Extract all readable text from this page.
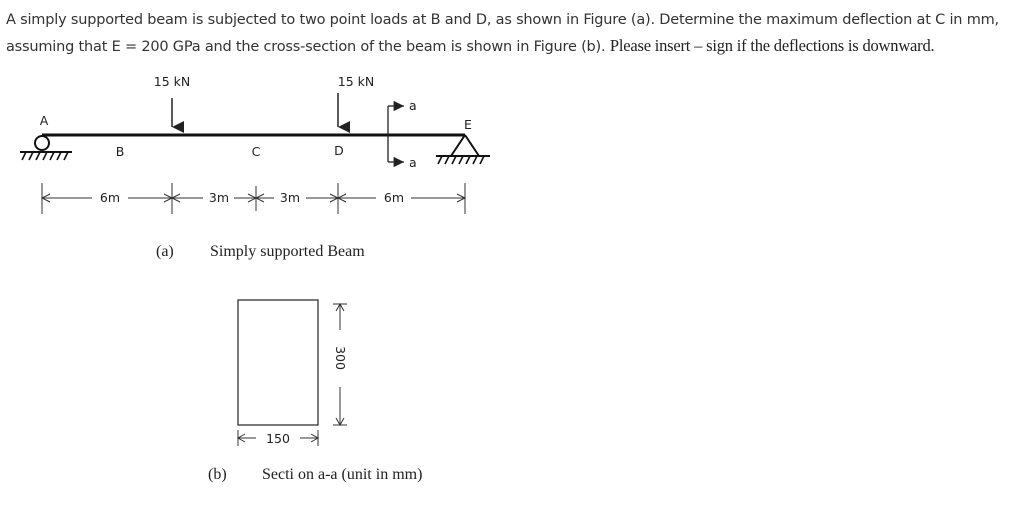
A simply supported beam is subjected to two point loads at B and D, as shown in Figure (a). Determine the maximum deflection at C in mm, assuming that E = 200 GPa and the cross-section of the beam is shown in Figure (b). Please insert – sign if the deflections is downward.
15 kN	15 kN
A
B	C	D
E
a
a
6m	3m	3m	6m
(a) Simply supported Beam
150
300
(b) Secti on a-a (unit in mm)
